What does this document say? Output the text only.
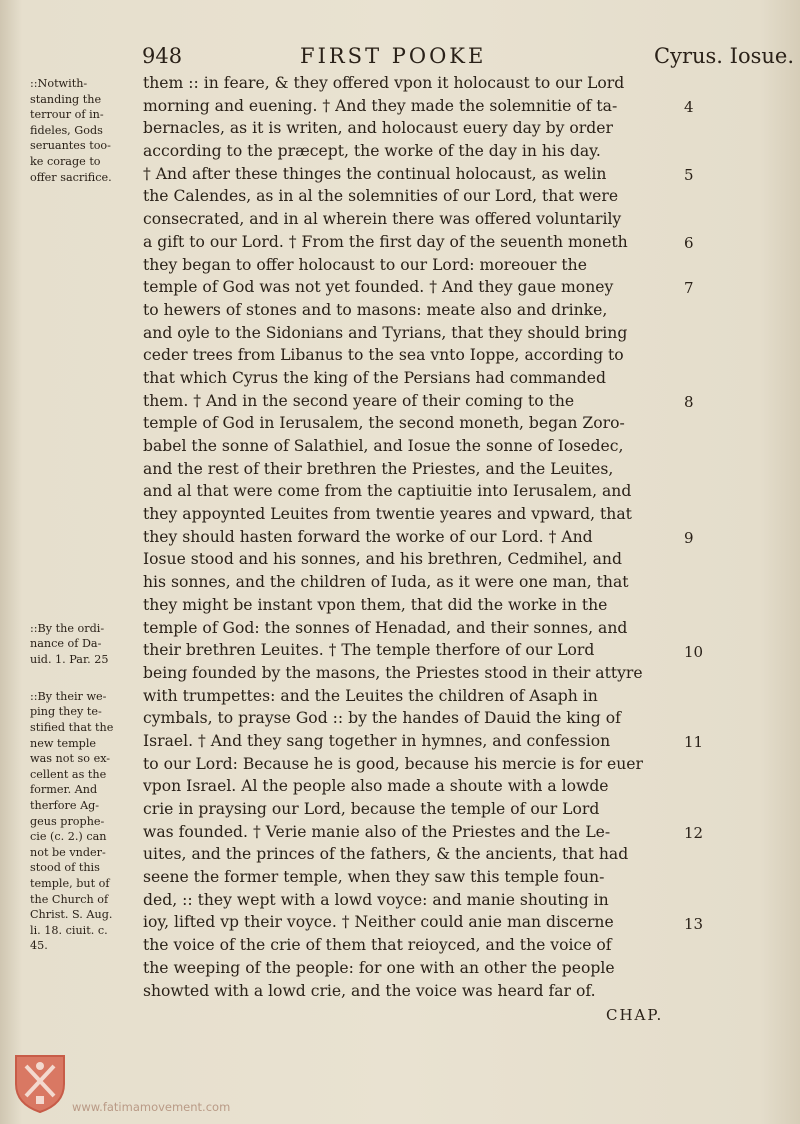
948	FIRST POOKE	Cyrus. Iosue.
::Notwith-
standing the
terrour of in-
fideles, Gods
seruantes too-
ke corage to
offer sacrifice.
::By the ordi-
nance of Da-
uid. 1. Par. 25
::By their we-
ping they te-
stified that the
new temple
was not so ex-
cellent as the
former. And
therfore Ag-
geus prophe-
cie (c. 2.) can
not be vnder-
stood of this
temple, but of
the Church of
Christ. S. Aug.
li. 18. ciuit. c.
45.
them :: in feare, & they offered vpon it holocaust to our Lord
morning and euening. † And they made the solemnitie of ta-
bernacles, as it is writen, and holocaust euery day by order
according to the præcept, the worke of the day in his day.
† And after these thinges the continual holocaust, as welin
the Calendes, as in al the solemnities of our Lord, that were
consecrated, and in al wherein there was offered voluntarily
a gift to our Lord. † From the first day of the seuenth moneth
they began to offer holocaust to our Lord: moreouer the
temple of God was not yet founded. † And they gaue money
to hewers of stones and to masons: meate also and drinke,
and oyle to the Sidonians and Tyrians, that they should bring
ceder trees from Libanus to the sea vnto Ioppe, according to
that which Cyrus the king of the Persians had commanded
them. † And in the second yeare of their coming to the
temple of God in Ierusalem, the second moneth, began Zoro-
babel the sonne of Salathiel, and Iosue the sonne of Iosedec,
and the rest of their brethren the Priestes, and the Leuites,
and al that were come from the captiuitie into Ierusalem, and
they appoynted Leuites from twentie yeares and vpward, that
they should hasten forward the worke of our Lord. † And
Iosue stood and his sonnes, and his brethren, Cedmihel, and
his sonnes, and the children of Iuda, as it were one man, that
they might be instant vpon them, that did the worke in the
temple of God: the sonnes of Henadad, and their sonnes, and
their brethren Leuites. † The temple therfore of our Lord
being founded by the masons, the Priestes stood in their attyre
with trumpettes: and the Leuites the children of Asaph in
cymbals, to prayse God :: by the handes of Dauid the king of
Israel. † And they sang together in hymnes, and confession
to our Lord: Because he is good, because his mercie is for euer
vpon Israel. Al the people also made a shoute with a lowde
crie in praysing our Lord, because the temple of our Lord
was founded. † Verie manie also of the Priestes and the Le-
uites, and the princes of the fathers, & the ancients, that had
seene the former temple, when they saw this temple foun-
ded, :: they wept with a lowd voyce: and manie shouting in
ioy, lifted vp their voyce. † Neither could anie man discerne
the voice of the crie of them that reioyced, and the voice of
the weeping of the people: for one with an other the people
showted with a lowd crie, and the voice was heard far of.
4
5
6
7
8
9
10
11
12
13
CHAP.
www.fatimamovement.com
